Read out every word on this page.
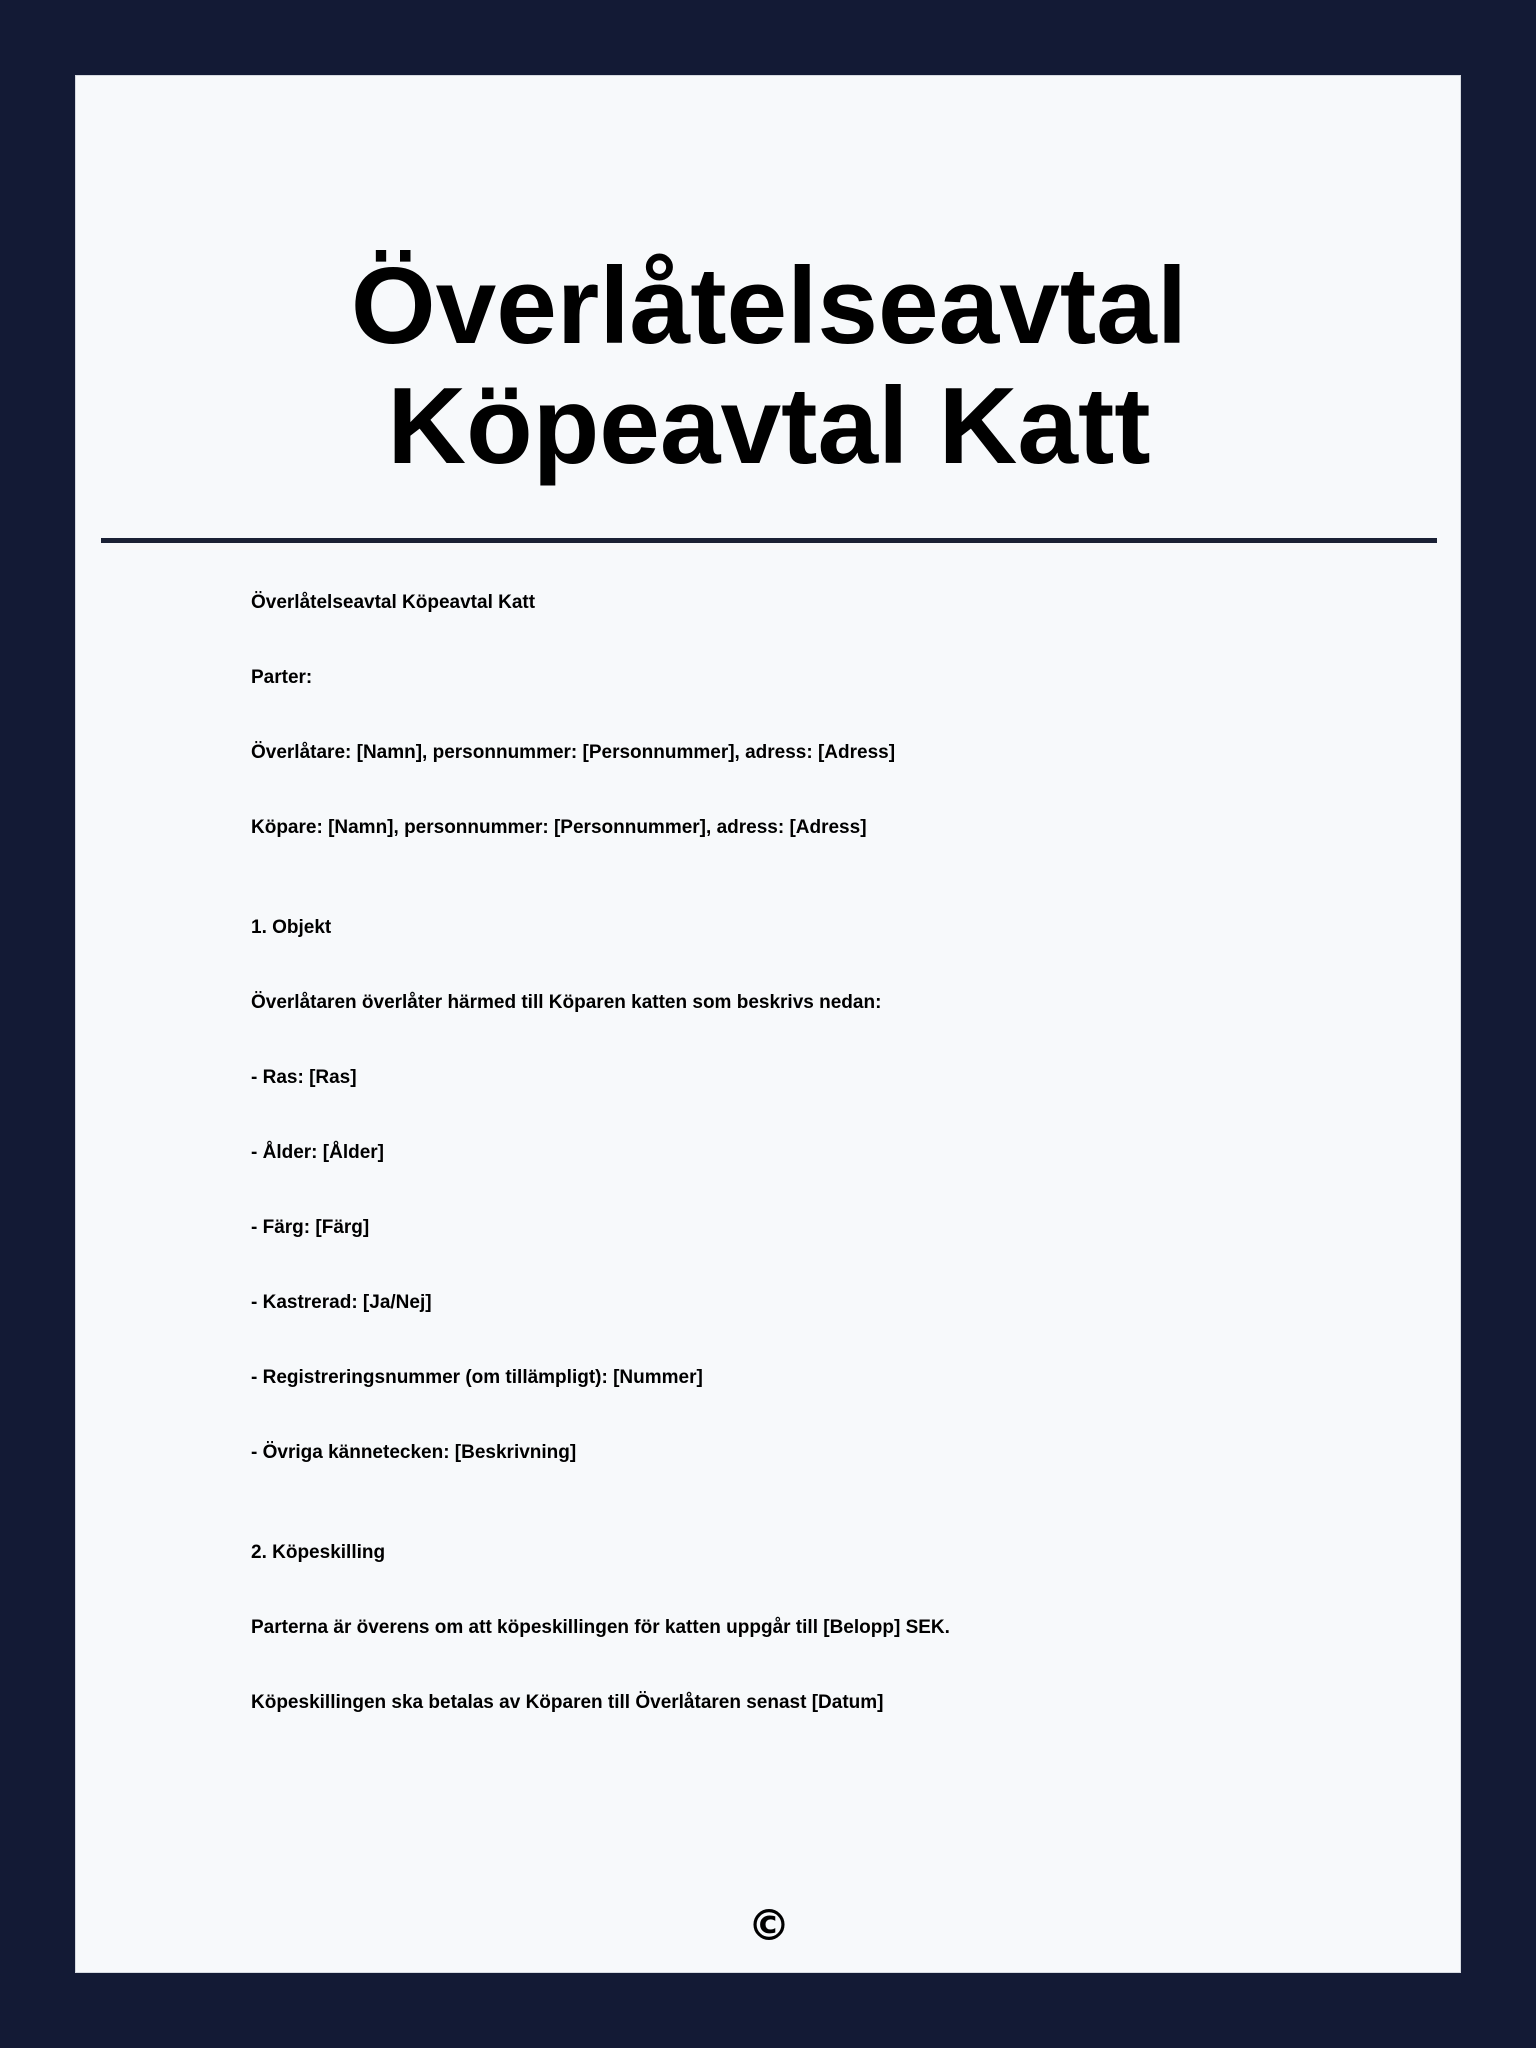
Överlåtelseavtal Köpeavtal Katt

Överlåtelseavtal Köpeavtal Katt

Parter:

Överlåtare: [Namn], personnummer: [Personnummer], adress: [Adress]

Köpare: [Namn], personnummer: [Personnummer], adress: [Adress]

1. Objekt

Överlåtaren överlåter härmed till Köparen katten som beskrivs nedan:

- Ras: [Ras]

- Ålder: [Ålder]

- Färg: [Färg]

- Kastrerad: [Ja/Nej]

- Registreringsnummer (om tillämpligt): [Nummer]

- Övriga kännetecken: [Beskrivning]

2. Köpeskilling

Parterna är överens om att köpeskillingen för katten uppgår till [Belopp] SEK.

Köpeskillingen ska betalas av Köparen till Överlåtaren senast [Datum]

©
